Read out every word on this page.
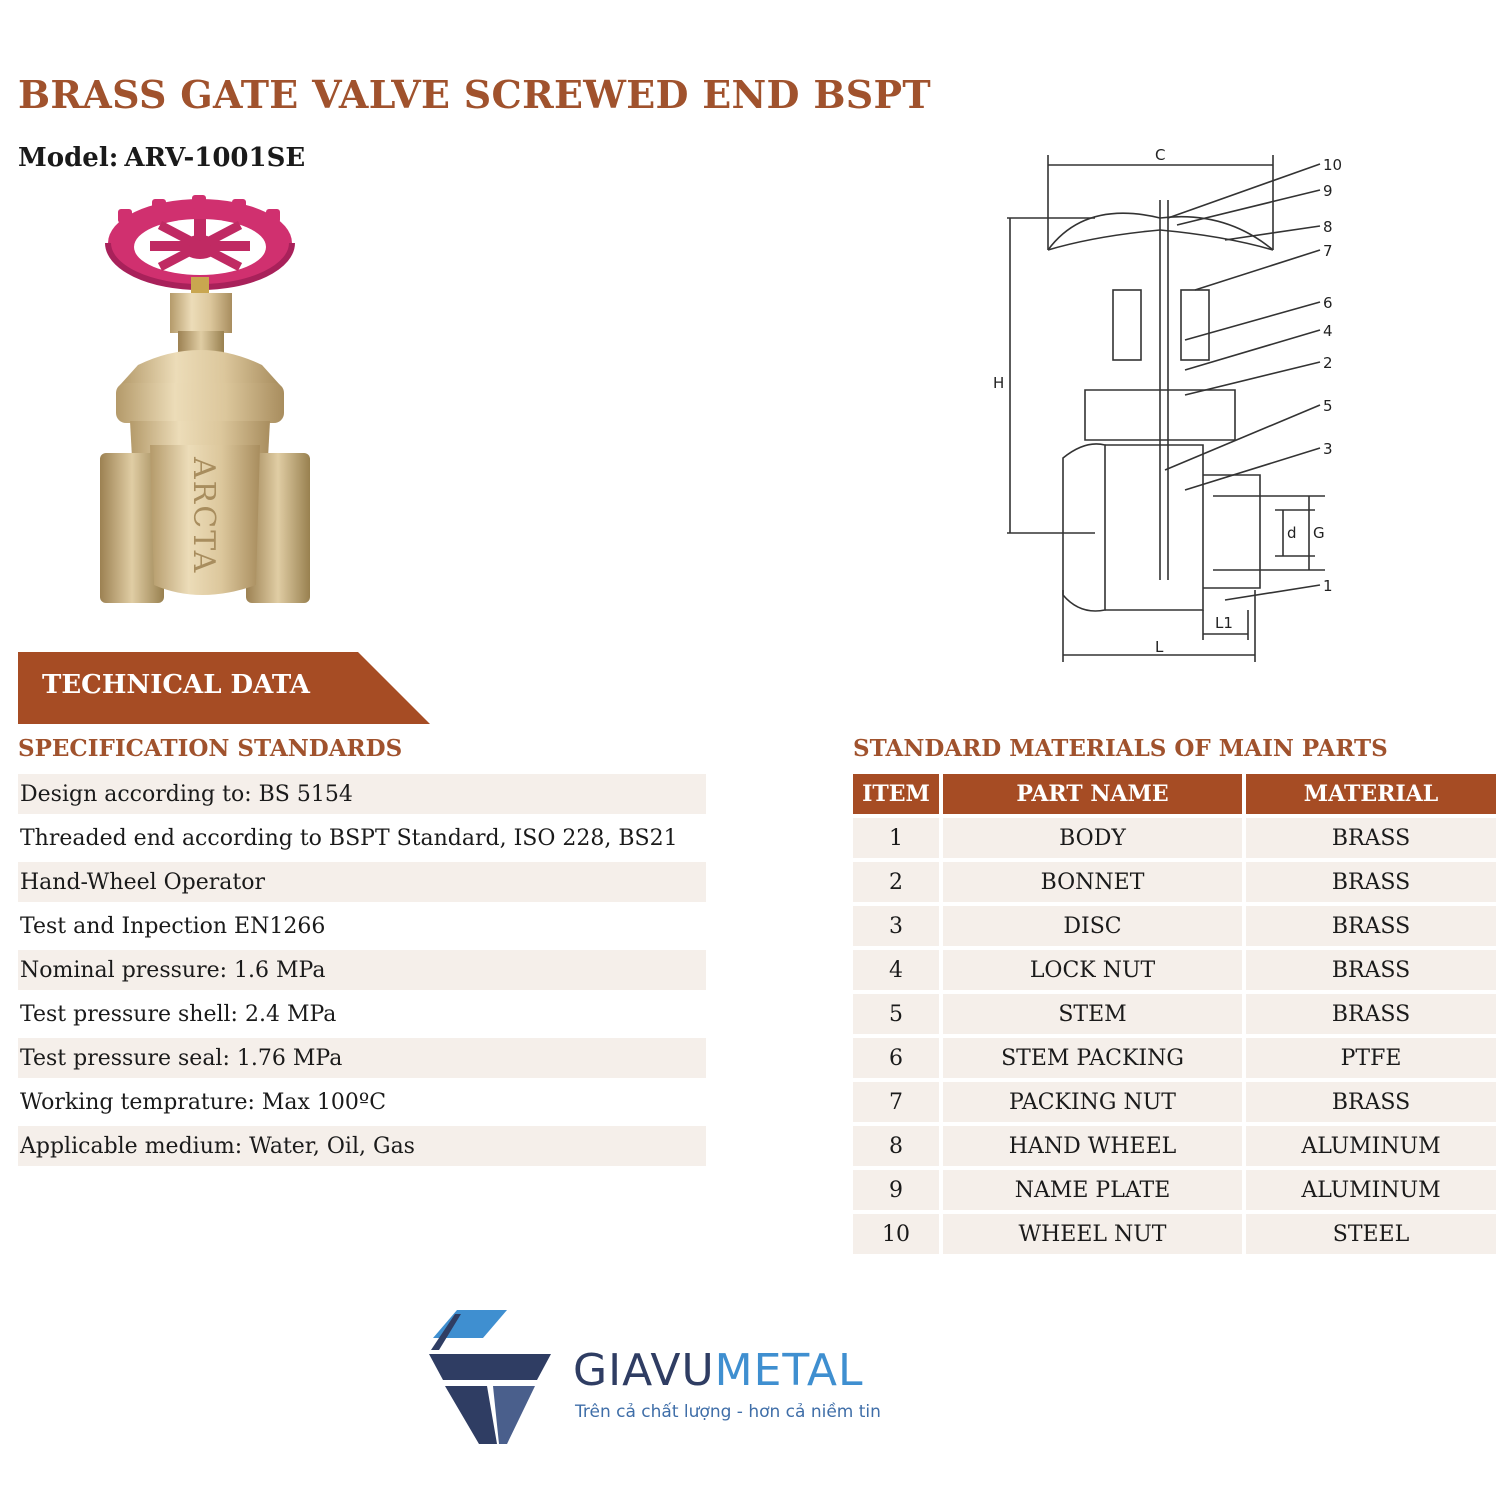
BRASS GATE VALVE SCREWED END BSPT
Model: ARV-1001SE
ARCTA
C
H
d G
L1
L
10
9
8
7
6
4
2
5
3
1
TECHNICAL DATA
SPECIFICATION STANDARDS	STANDARD MATERIALS OF MAIN PARTS
Design according to: BS 5154
Threaded end according to BSPT Standard, ISO 228, BS21
Hand-Wheel Operator
Test and Inpection EN1266
Nominal pressure: 1.6 MPa
Test pressure shell: 2.4 MPa
Test pressure seal: 1.76 MPa
Working temprature: Max 100ºC
Applicable medium: Water, Oil, Gas
ITEM	PART NAME	MATERIAL
1	BODY	BRASS
2	BONNET	BRASS
3	DISC	BRASS
4	LOCK NUT	BRASS
5	STEM	BRASS
6	STEM PACKING	PTFE
7	PACKING NUT	BRASS
8	HAND WHEEL	ALUMINUM
9	NAME PLATE	ALUMINUM
10	WHEEL NUT	STEEL
GIAVUMETAL
Trên cả chất lượng - hơn cả niềm tin
